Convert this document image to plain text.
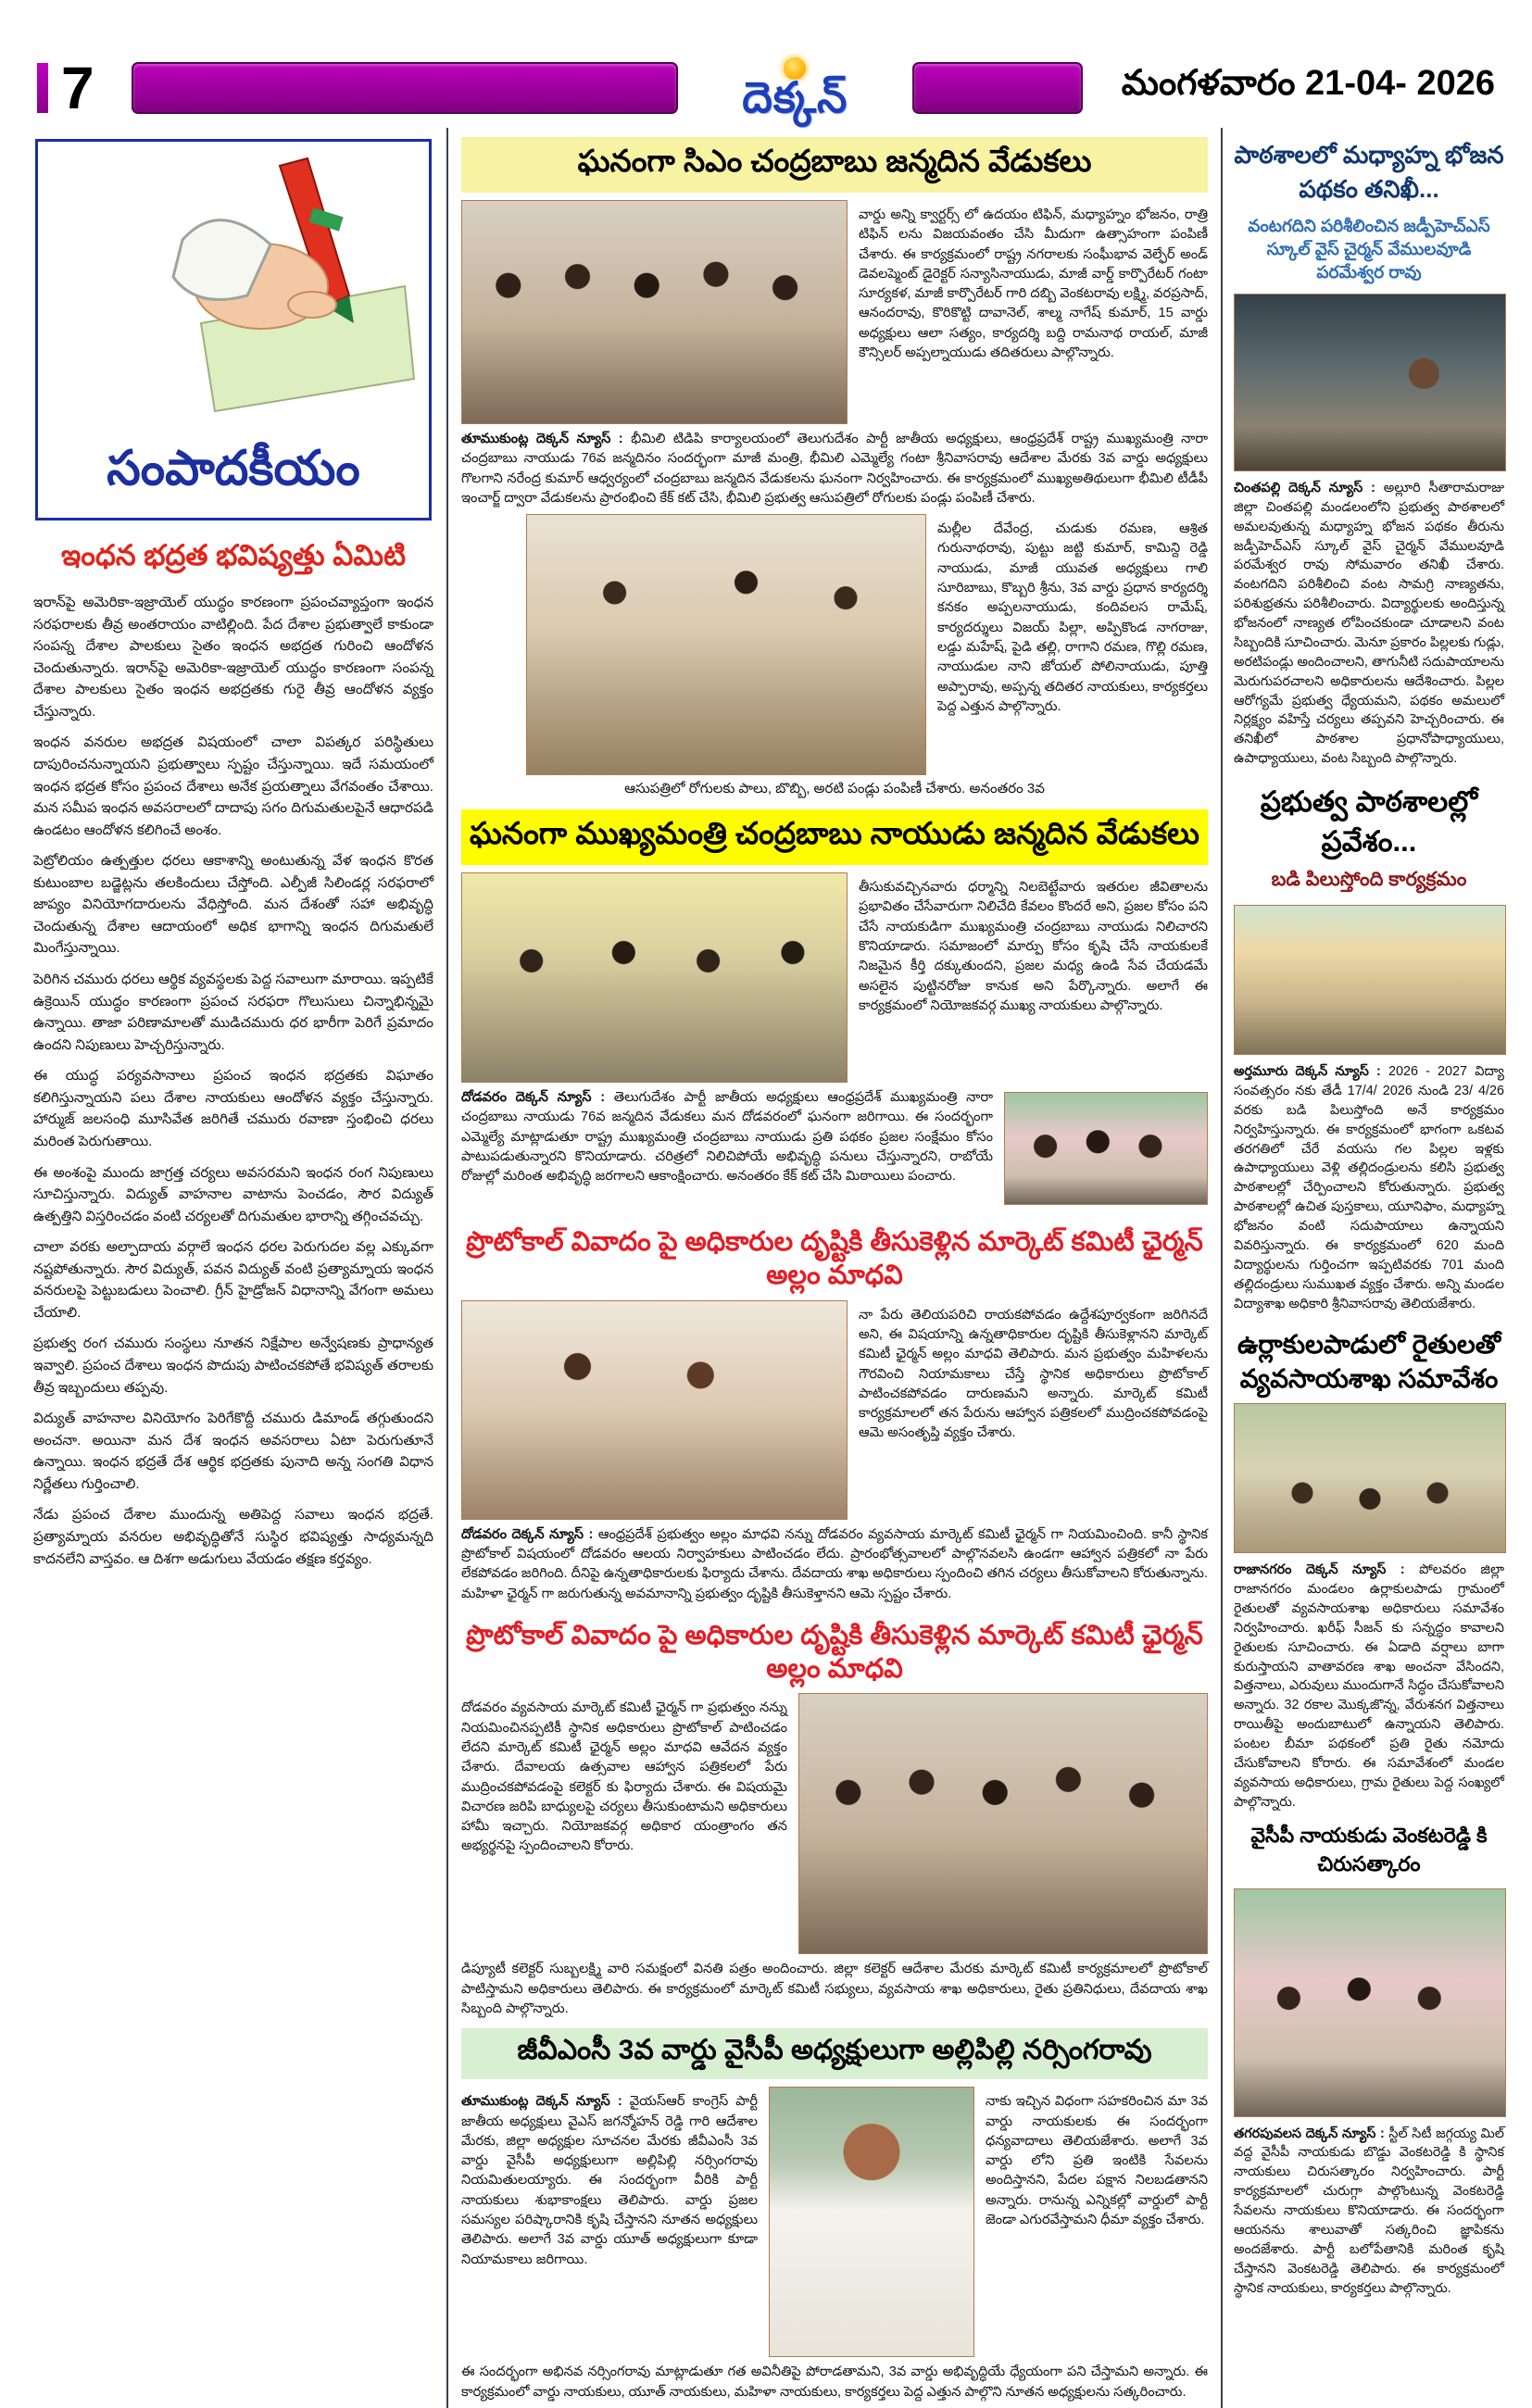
7	దెక్కన్	మంగళవారం 21-04- 2026
సంపాదకీయం
ఇంధన భద్రత భవిష్యత్తు ఏమిటి

ఇరాన్‌పై అమెరికా-ఇజ్రాయెల్ యుద్ధం కారణంగా ప్రపంచవ్యాప్తంగా ఇంధన సరఫరాలకు తీవ్ర అంతరాయం వాటిల్లింది. పేద దేశాల ప్రభుత్వాలే కాకుండా సంపన్న దేశాల పాలకులు సైతం ఇంధన అభద్రత గురించి ఆందోళన చెందుతున్నారు. ఇరాన్‌పై అమెరికా-ఇజ్రాయెల్ యుద్ధం కారణంగా సంపన్న దేశాల పాలకులు సైతం ఇంధన అభద్రతకు గురై తీవ్ర ఆందోళన వ్యక్తం చేస్తున్నారు.

ఇంధన వనరుల అభద్రత విషయంలో చాలా విపత్కర పరిస్థితులు దాపురించనున్నాయని ప్రభుత్వాలు స్పష్టం చేస్తున్నాయి. ఇదే సమయంలో ఇంధన భద్రత కోసం ప్రపంచ దేశాలు అనేక ప్రయత్నాలు వేగవంతం చేశాయి. మన సమీప ఇంధన అవసరాలలో దాదాపు సగం దిగుమతులపైనే ఆధారపడి ఉండటం ఆందోళన కలిగించే అంశం.

పెట్రోలియం ఉత్పత్తుల ధరలు ఆకాశాన్ని అంటుతున్న వేళ ఇంధన కొరత కుటుంబాల బడ్జెట్లను తలకిందులు చేస్తోంది. ఎల్పీజీ సిలిండర్ల సరఫరాలో జాప్యం వినియోగదారులను వేధిస్తోంది. మన దేశంతో సహా అభివృద్ధి చెందుతున్న దేశాల ఆదాయంలో అధిక భాగాన్ని ఇంధన దిగుమతులే మింగేస్తున్నాయి.

పెరిగిన చమురు ధరలు ఆర్థిక వ్యవస్థలకు పెద్ద సవాలుగా మారాయి. ఇప్పటికే ఉక్రెయిన్ యుద్ధం కారణంగా ప్రపంచ సరఫరా గొలుసులు చిన్నాభిన్నమై ఉన్నాయి. తాజా పరిణామాలతో ముడిచమురు ధర భారీగా పెరిగే ప్రమాదం ఉందని నిపుణులు హెచ్చరిస్తున్నారు.

ఈ యుద్ధ పర్యవసానాలు ప్రపంచ ఇంధన భద్రతకు విఘాతం కలిగిస్తున్నాయని పలు దేశాల నాయకులు ఆందోళన వ్యక్తం చేస్తున్నారు. హార్ముజ్ జలసంధి మూసివేత జరిగితే చమురు రవాణా స్తంభించి ధరలు మరింత పెరుగుతాయి.

ఈ అంశంపై ముందు జాగ్రత్త చర్యలు అవసరమని ఇంధన రంగ నిపుణులు సూచిస్తున్నారు. విద్యుత్ వాహనాల వాటాను పెంచడం, సౌర విద్యుత్ ఉత్పత్తిని విస్తరించడం వంటి చర్యలతో దిగుమతుల భారాన్ని తగ్గించవచ్చు.

చాలా వరకు అల్పాదాయ వర్గాలే ఇంధన ధరల పెరుగుదల వల్ల ఎక్కువగా నష్టపోతున్నారు. సౌర విద్యుత్, పవన విద్యుత్ వంటి ప్రత్యామ్నాయ ఇంధన వనరులపై పెట్టుబడులు పెంచాలి. గ్రీన్ హైడ్రోజన్ విధానాన్ని వేగంగా అమలు చేయాలి.

ప్రభుత్వ రంగ చమురు సంస్థలు నూతన నిక్షేపాల అన్వేషణకు ప్రాధాన్యత ఇవ్వాలి. ప్రపంచ దేశాలు ఇంధన పొదుపు పాటించకపోతే భవిష్యత్ తరాలకు తీవ్ర ఇబ్బందులు తప్పవు.

విద్యుత్ వాహనాల వినియోగం పెరిగేకొద్దీ చమురు డిమాండ్ తగ్గుతుందని అంచనా. అయినా మన దేశ ఇంధన అవసరాలు ఏటా పెరుగుతూనే ఉన్నాయి. ఇంధన భద్రతే దేశ ఆర్థిక భద్రతకు పునాది అన్న సంగతి విధాన నిర్ణేతలు గుర్తించాలి.

నేడు ప్రపంచ దేశాల ముందున్న అతిపెద్ద సవాలు ఇంధన భద్రతే. ప్రత్యామ్నాయ వనరుల అభివృద్ధితోనే సుస్థిర భవిష్యత్తు సాధ్యమన్నది కాదనలేని వాస్తవం. ఆ దిశగా అడుగులు వేయడం తక్షణ కర్తవ్యం.

ఘనంగా సిఎం చంద్రబాబు జన్మదిన వేడుకలు

వార్డు అన్ని క్వార్టర్స్ లో ఉదయం టిఫిన్, మధ్యాహ్నం భోజనం, రాత్రి టిఫిన్ లను విజయవంతం చేసి మీదుగా ఉత్సాహంగా పంపిణీ చేశారు. ఈ కార్యక్రమంలో రాష్ట్ర నగరాలకు సంఘీభావ వెల్ఫేర్ అండ్ డెవలప్మెంట్ డైరెక్టర్ సన్యాసినాయుడు, మాజీ వార్డ్ కార్పొరేటర్ గంటా సూర్యకళ, మాజీ కార్పొరేటర్ గారి దబ్బి వెంకటరావు లక్ష్మి, వరప్రసాద్, ఆనందరావు, కొరికొట్టి దావానెల్, శాల్మ నాగేష్ కుమార్, 15 వార్డు అధ్యక్షులు ఆలా సత్యం, కార్యదర్శి బద్ది రామనాథ రాయల్, మాజీ కౌన్సిలర్ అప్పల్నాయుడు తదితరులు పాల్గొన్నారు.

తూముకుంట్ల దెక్కన్ న్యూస్ : భీమిలి టిడిపి కార్యాలయంలో తెలుగుదేశం పార్టీ జాతీయ అధ్యక్షులు, ఆంధ్రప్రదేశ్ రాష్ట్ర ముఖ్యమంత్రి నారా చంద్రబాబు నాయుడు 76వ జన్మదినం సందర్భంగా మాజీ మంత్రి, భీమిలి ఎమ్మెల్యే గంటా శ్రీనివాసరావు ఆదేశాల మేరకు 3వ వార్డు అధ్యక్షులు గొలగాని నరేంద్ర కుమార్ ఆధ్వర్యంలో చంద్రబాబు జన్మదిన వేడుకలను ఘనంగా నిర్వహించారు. ఈ కార్యక్రమంలో ముఖ్యఅతిథులుగా భీమిలి టీడీపీ ఇంచార్జ్ ద్వారా వేడుకలను ప్రారంభించి కేక్ కట్ చేసి, భీమిలి ప్రభుత్వ ఆసుపత్రిలో రోగులకు పండ్లు పంపిణీ చేశారు.

మల్లీల దేవేంద్ర, చుడుకు రమణ, ఆశ్రిత గురునాథరావు, పుట్టు జట్టి కుమార్, కామిన్ది రెడ్డి నాయుడు, మాజీ యువత అధ్యక్షులు గాలి సూరిబాబు, కొబ్బరి శ్రీను, 3వ వార్డు ప్రధాన కార్యదర్శి కనకం అప్పలనాయుడు, కందివలస రామేష్, కార్యదర్శులు విజయ్ పిల్లా, అప్పికొండ నాగరాజు, లడ్డు మహేష్, పైడి తల్లి, రాగాని రమణ, గొల్లి రమణ, నాయుడుల నాని జోయల్ పోలినాయుడు, పూత్తి అప్పారావు, అప్పన్న తదితర నాయకులు, కార్యకర్తలు పెద్ద ఎత్తున పాల్గొన్నారు.

ఆసుపత్రిలో రోగులకు పాలు, బొబ్బి, అరటి పండ్లు పంపిణీ చేశారు. అనంతరం 3వ

ఘనంగా ముఖ్యమంత్రి చంద్రబాబు నాయుడు జన్మదిన వేడుకలు

తీసుకువచ్చినవారు ధర్మాన్ని నిలబెట్టేవారు ఇతరుల జీవితాలను ప్రభావితం చేసేవారుగా నిలిచేది కేవలం కొందరే అని, ప్రజల కోసం పని చేసే నాయకుడిగా ముఖ్యమంత్రి చంద్రబాబు నాయుడు నిలిచారని కొనియాడారు. సమాజంలో మార్పు కోసం కృషి చేసే నాయకులకే నిజమైన కీర్తి దక్కుతుందని, ప్రజల మధ్య ఉండి సేవ చేయడమే అసలైన పుట్టినరోజు కానుక అని పేర్కొన్నారు. అలాగే ఈ కార్యక్రమంలో నియోజకవర్గ ముఖ్య నాయకులు పాల్గొన్నారు.

దోడవరం దెక్కన్ న్యూస్ : తెలుగుదేశం పార్టీ జాతీయ అధ్యక్షులు ఆంధ్రప్రదేశ్ ముఖ్యమంత్రి నారా చంద్రబాబు నాయుడు 76వ జన్మదిన వేడుకలు మన దోడవరంలో ఘనంగా జరిగాయి. ఈ సందర్భంగా ఎమ్మెల్యే మాట్లాడుతూ రాష్ట్ర ముఖ్యమంత్రి చంద్రబాబు నాయుడు ప్రతి పథకం ప్రజల సంక్షేమం కోసం పాటుపడుతున్నారని కొనియాడారు. చరిత్రలో నిలిచిపోయే అభివృద్ధి పనులు చేస్తున్నారని, రాబోయే రోజుల్లో మరింత అభివృద్ధి జరగాలని ఆకాంక్షించారు. అనంతరం కేక్ కట్ చేసి మిఠాయిలు పంచారు.

ప్రొటోకాల్ వివాదం పై అధికారుల దృష్టికి తీసుకెళ్లిన మార్కెట్ కమిటీ ఛైర్మన్ అల్లం మాధవి

నా పేరు తెలియపరిచి రాయకపోవడం ఉద్దేశపూర్వకంగా జరిగినదే అని, ఈ విషయాన్ని ఉన్నతాధికారుల దృష్టికి తీసుకెళ్లానని మార్కెట్ కమిటీ ఛైర్మన్ అల్లం మాధవి తెలిపారు. మన ప్రభుత్వం మహిళలను గౌరవించి నియామకాలు చేస్తే స్థానిక అధికారులు ప్రొటోకాల్ పాటించకపోవడం దారుణమని అన్నారు. మార్కెట్ కమిటీ కార్యక్రమాలలో తన పేరును ఆహ్వాన పత్రికలలో ముద్రించకపోవడంపై ఆమె అసంతృప్తి వ్యక్తం చేశారు.

దోడవరం దెక్కన్ న్యూస్ : ఆంధ్రప్రదేశ్ ప్రభుత్వం అల్లం మాధవి నన్ను దోడవరం వ్యవసాయ మార్కెట్ కమిటీ ఛైర్మన్ గా నియమించింది. కానీ స్థానిక ప్రొటోకాల్ విషయంలో దోడవరం ఆలయ నిర్వాహకులు పాటించడం లేదు. ప్రారంభోత్సవాలలో పాల్గొనవలసి ఉండగా ఆహ్వాన పత్రికలో నా పేరు లేకపోవడం జరిగింది. దీనిపై ఉన్నతాధికారులకు ఫిర్యాదు చేశాను. దేవదాయ శాఖ అధికారులు స్పందించి తగిన చర్యలు తీసుకోవాలని కోరుతున్నాను. మహిళా ఛైర్మన్ గా జరుగుతున్న అవమానాన్ని ప్రభుత్వం దృష్టికి తీసుకెళ్తానని ఆమె స్పష్టం చేశారు.

ప్రొటోకాల్ వివాదం పై అధికారుల దృష్టికి తీసుకెళ్లిన మార్కెట్ కమిటీ ఛైర్మన్ అల్లం మాధవి

దోడవరం వ్యవసాయ మార్కెట్ కమిటీ ఛైర్మన్ గా ప్రభుత్వం నన్ను నియమించినప్పటికీ స్థానిక అధికారులు ప్రొటోకాల్ పాటించడం లేదని మార్కెట్ కమిటీ ఛైర్మన్ అల్లం మాధవి ఆవేదన వ్యక్తం చేశారు. దేవాలయ ఉత్సవాల ఆహ్వాన పత్రికలలో పేరు ముద్రించకపోవడంపై కలెక్టర్ కు ఫిర్యాదు చేశారు. ఈ విషయమై విచారణ జరిపి బాధ్యులపై చర్యలు తీసుకుంటామని అధికారులు హామీ ఇచ్చారు. నియోజకవర్గ అధికార యంత్రాంగం తన అభ్యర్థనపై స్పందించాలని కోరారు.

డిప్యూటీ కలెక్టర్ సుబ్బలక్ష్మి వారి సమక్షంలో వినతి పత్రం అందించారు. జిల్లా కలెక్టర్ ఆదేశాల మేరకు మార్కెట్ కమిటీ కార్యక్రమాలలో ప్రొటోకాల్ పాటిస్తామని అధికారులు తెలిపారు. ఈ కార్యక్రమంలో మార్కెట్ కమిటీ సభ్యులు, వ్యవసాయ శాఖ అధికారులు, రైతు ప్రతినిధులు, దేవదాయ శాఖ సిబ్బంది పాల్గొన్నారు.

జీవీఎంసీ 3వ వార్డు వైసీపీ అధ్యక్షులుగా అల్లిపిల్లి నర్సింగరావు

తూముకుంట్ల దెక్కన్ న్యూస్ : వైయస్ఆర్ కాంగ్రెస్ పార్టీ జాతీయ అధ్యక్షులు వైఎస్ జగన్మోహన్ రెడ్డి గారి ఆదేశాల మేరకు, జిల్లా అధ్యక్షుల సూచనల మేరకు జీవీఎంసీ 3వ వార్డు వైసీపీ అధ్యక్షులుగా అల్లిపిల్లి నర్సింగరావు నియమితులయ్యారు. ఈ సందర్భంగా వీరికి పార్టీ నాయకులు శుభాకాంక్షలు తెలిపారు. వార్డు ప్రజల సమస్యల పరిష్కారానికి కృషి చేస్తానని నూతన అధ్యక్షులు తెలిపారు. అలాగే 3వ వార్డు యూత్ అధ్యక్షులుగా కూడా నియామకాలు జరిగాయి.

నాకు ఇచ్చిన విధంగా సహకరించిన మా 3వ వార్డు నాయకులకు ఈ సందర్భంగా ధన్యవాదాలు తెలియజేశారు. అలాగే 3వ వార్డు లోని ప్రతి ఇంటికి సేవలను అందిస్తానని, పేదల పక్షాన నిలబడతానని అన్నారు. రానున్న ఎన్నికల్లో వార్డులో పార్టీ జెండా ఎగురవేస్తామని ధీమా వ్యక్తం చేశారు.

ఈ సందర్భంగా అభినవ నర్సింగరావు మాట్లాడుతూ గత అవినీతిపై పోరాడతామని, 3వ వార్డు అభివృద్ధియే ధ్యేయంగా పని చేస్తామని అన్నారు. ఈ కార్యక్రమంలో వార్డు నాయకులు, యూత్ నాయకులు, మహిళా నాయకులు, కార్యకర్తలు పెద్ద ఎత్తున పాల్గొని నూతన అధ్యక్షులను సత్కరించారు.

పాఠశాలలో మధ్యాహ్న భోజన పథకం తనిఖీ...
వంటగదిని పరిశీలించిన జడ్పీహెచ్ఎస్ స్కూల్ వైస్ చైర్మన్ వేములవూడి పరమేశ్వర రావు

చింతపల్లి దెక్కన్ న్యూస్ : అల్లూరి సీతారామరాజు జిల్లా చింతపల్లి మండలంలోని ప్రభుత్వ పాఠశాలలో అమలవుతున్న మధ్యాహ్న భోజన పథకం తీరును జడ్పీహెచ్ఎస్ స్కూల్ వైస్ చైర్మన్ వేములవూడి పరమేశ్వర రావు సోమవారం తనిఖీ చేశారు. వంటగదిని పరిశీలించి వంట సామగ్రి నాణ్యతను, పరిశుభ్రతను పరిశీలించారు. విద్యార్థులకు అందిస్తున్న భోజనంలో నాణ్యత లోపించకుండా చూడాలని వంట సిబ్బందికి సూచించారు. మెనూ ప్రకారం పిల్లలకు గుడ్లు, అరటిపండ్లు అందించాలని, తాగునీటి సదుపాయాలను మెరుగుపరచాలని అధికారులను ఆదేశించారు. పిల్లల ఆరోగ్యమే ప్రభుత్వ ధ్యేయమని, పథకం అమలులో నిర్లక్ష్యం వహిస్తే చర్యలు తప్పవని హెచ్చరించారు. ఈ తనిఖీలో పాఠశాల ప్రధానోపాధ్యాయులు, ఉపాధ్యాయులు, వంట సిబ్బంది పాల్గొన్నారు.

ప్రభుత్వ పాఠశాలల్లో ప్రవేశం...
బడి పిలుస్తోంది కార్యక్రమం

అర్తమూరు దెక్కన్ న్యూస్ : 2026 - 2027 విద్యా సంవత్సరం నకు తేడీ 17/4/ 2026 నుండి 23/ 4/26 వరకు బడి పిలుస్తోంది అనే కార్యక్రమం నిర్వహిస్తున్నారు. ఈ కార్యక్రమంలో భాగంగా ఒకటవ తరగతిలో చేరే వయసు గల పిల్లల ఇళ్లకు ఉపాధ్యాయులు వెళ్లి తల్లిదండ్రులను కలిసి ప్రభుత్వ పాఠశాలల్లో చేర్పించాలని కోరుతున్నారు. ప్రభుత్వ పాఠశాలల్లో ఉచిత పుస్తకాలు, యూనిఫాం, మధ్యాహ్న భోజనం వంటి సదుపాయాలు ఉన్నాయని వివరిస్తున్నారు. ఈ కార్యక్రమంలో 620 మంది విద్యార్థులను గుర్తించగా ఇప్పటివరకు 701 మంది తల్లిదండ్రులు సుముఖత వ్యక్తం చేశారు. అన్ని మండల విద్యాశాఖ అధికారి శ్రీనివాసరావు తెలియజేశారు.

ఉర్లాకులపాడులో రైతులతో వ్యవసాయశాఖ సమావేశం

రాజానగరం దెక్కన్ న్యూస్ : పోలవరం జిల్లా రాజానగరం మండలం ఉర్లాకులపాడు గ్రామంలో రైతులతో వ్యవసాయశాఖ అధికారులు సమావేశం నిర్వహించారు. ఖరీఫ్ సీజన్ కు సన్నద్ధం కావాలని రైతులకు సూచించారు. ఈ ఏడాది వర్షాలు బాగా కురుస్తాయని వాతావరణ శాఖ అంచనా వేసిందని, విత్తనాలు, ఎరువులు ముందుగానే సిద్ధం చేసుకోవాలని అన్నారు. 32 రకాల మొక్కజొన్న, వేరుశనగ విత్తనాలు రాయితీపై అందుబాటులో ఉన్నాయని తెలిపారు. పంటల బీమా పథకంలో ప్రతి రైతు నమోదు చేసుకోవాలని కోరారు. ఈ సమావేశంలో మండల వ్యవసాయ అధికారులు, గ్రామ రైతులు పెద్ద సంఖ్యలో పాల్గొన్నారు.

వైసీపీ నాయకుడు వెంకటరెడ్డి కి చిరుసత్కారం

తగరపువలస దెక్కన్ న్యూస్ : స్టీల్ సిటీ జగ్గయ్య మిల్ వద్ద వైసీపీ నాయకుడు బొడ్డు వెంకటరెడ్డి కి స్థానిక నాయకులు చిరుసత్కారం నిర్వహించారు. పార్టీ కార్యక్రమాలలో చురుగ్గా పాల్గొంటున్న వెంకటరెడ్డి సేవలను నాయకులు కొనియాడారు. ఈ సందర్భంగా ఆయనను శాలువాతో సత్కరించి జ్ఞాపికను అందజేశారు. పార్టీ బలోపేతానికి మరింత కృషి చేస్తానని వెంకటరెడ్డి తెలిపారు. ఈ కార్యక్రమంలో స్థానిక నాయకులు, కార్యకర్తలు పాల్గొన్నారు.
